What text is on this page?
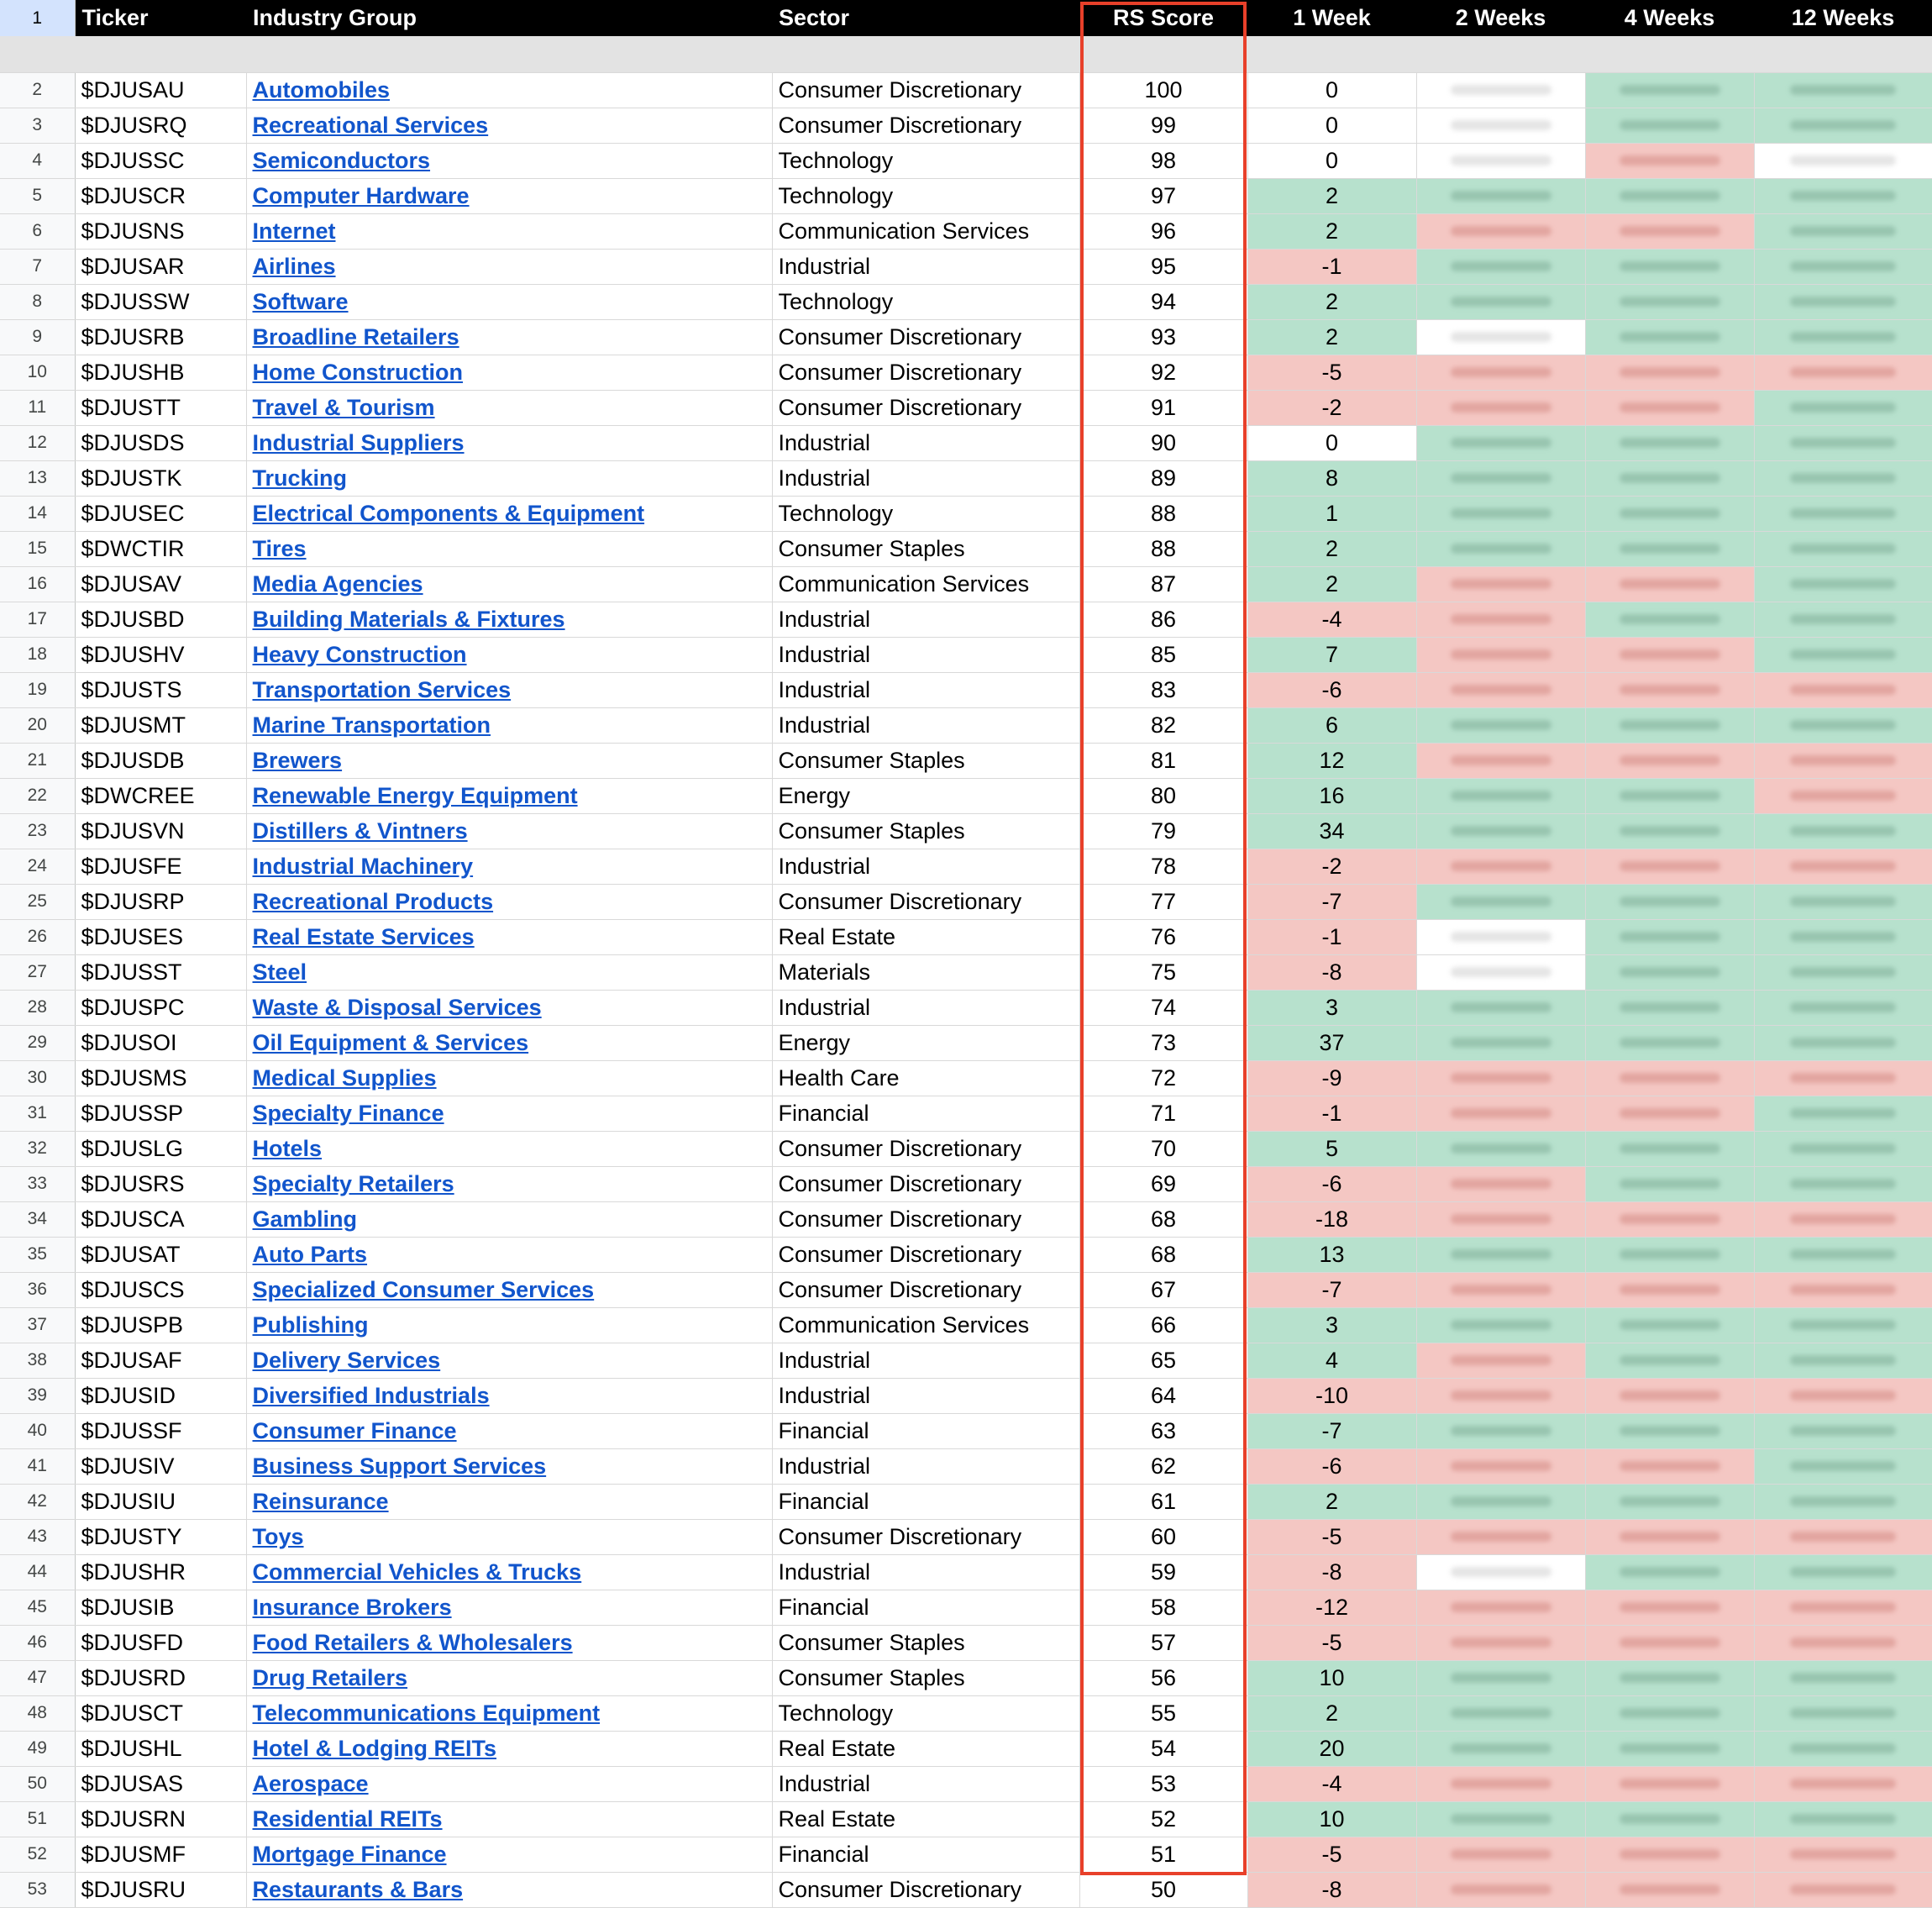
1	Ticker	Industry Group	Sector	RS Score	1 Week	2 Weeks	4 Weeks	12 Weeks

2	$DJUSAU	Automobiles	Consumer Discretionary	100	0	

3	$DJUSRQ	Recreational Services	Consumer Discretionary	99	0	

4	$DJUSSC	Semiconductors	Technology	98	0	

5	$DJUSCR	Computer Hardware	Technology	97	2	

6	$DJUSNS	Internet	Communication Services	96	2	

7	$DJUSAR	Airlines	Industrial	95	-1	

8	$DJUSSW	Software	Technology	94	2	

9	$DJUSRB	Broadline Retailers	Consumer Discretionary	93	2	

10	$DJUSHB	Home Construction	Consumer Discretionary	92	-5	

11	$DJUSTT	Travel & Tourism	Consumer Discretionary	91	-2	

12	$DJUSDS	Industrial Suppliers	Industrial	90	0	

13	$DJUSTK	Trucking	Industrial	89	8	

14	$DJUSEC	Electrical Components & Equipment	Technology	88	1	

15	$DWCTIR	Tires	Consumer Staples	88	2	

16	$DJUSAV	Media Agencies	Communication Services	87	2	

17	$DJUSBD	Building Materials & Fixtures	Industrial	86	-4	

18	$DJUSHV	Heavy Construction	Industrial	85	7	

19	$DJUSTS	Transportation Services	Industrial	83	-6	

20	$DJUSMT	Marine Transportation	Industrial	82	6	

21	$DJUSDB	Brewers	Consumer Staples	81	12	

22	$DWCREE	Renewable Energy Equipment	Energy	80	16	

23	$DJUSVN	Distillers & Vintners	Consumer Staples	79	34	

24	$DJUSFE	Industrial Machinery	Industrial	78	-2	

25	$DJUSRP	Recreational Products	Consumer Discretionary	77	-7	

26	$DJUSES	Real Estate Services	Real Estate	76	-1	

27	$DJUSST	Steel	Materials	75	-8	

28	$DJUSPC	Waste & Disposal Services	Industrial	74	3	

29	$DJUSOI	Oil Equipment & Services	Energy	73	37	

30	$DJUSMS	Medical Supplies	Health Care	72	-9	

31	$DJUSSP	Specialty Finance	Financial	71	-1	

32	$DJUSLG	Hotels	Consumer Discretionary	70	5	

33	$DJUSRS	Specialty Retailers	Consumer Discretionary	69	-6	

34	$DJUSCA	Gambling	Consumer Discretionary	68	-18	

35	$DJUSAT	Auto Parts	Consumer Discretionary	68	13	

36	$DJUSCS	Specialized Consumer Services	Consumer Discretionary	67	-7	

37	$DJUSPB	Publishing	Communication Services	66	3	

38	$DJUSAF	Delivery Services	Industrial	65	4	

39	$DJUSID	Diversified Industrials	Industrial	64	-10	

40	$DJUSSF	Consumer Finance	Financial	63	-7	

41	$DJUSIV	Business Support Services	Industrial	62	-6	

42	$DJUSIU	Reinsurance	Financial	61	2	

43	$DJUSTY	Toys	Consumer Discretionary	60	-5	

44	$DJUSHR	Commercial Vehicles & Trucks	Industrial	59	-8	

45	$DJUSIB	Insurance Brokers	Financial	58	-12	

46	$DJUSFD	Food Retailers & Wholesalers	Consumer Staples	57	-5	

47	$DJUSRD	Drug Retailers	Consumer Staples	56	10	

48	$DJUSCT	Telecommunications Equipment	Technology	55	2	

49	$DJUSHL	Hotel & Lodging REITs	Real Estate	54	20	

50	$DJUSAS	Aerospace	Industrial	53	-4	

51	$DJUSRN	Residential REITs	Real Estate	52	10	

52	$DJUSMF	Mortgage Finance	Financial	51	-5	

53	$DJUSRU	Restaurants & Bars	Consumer Discretionary	50	-8	
